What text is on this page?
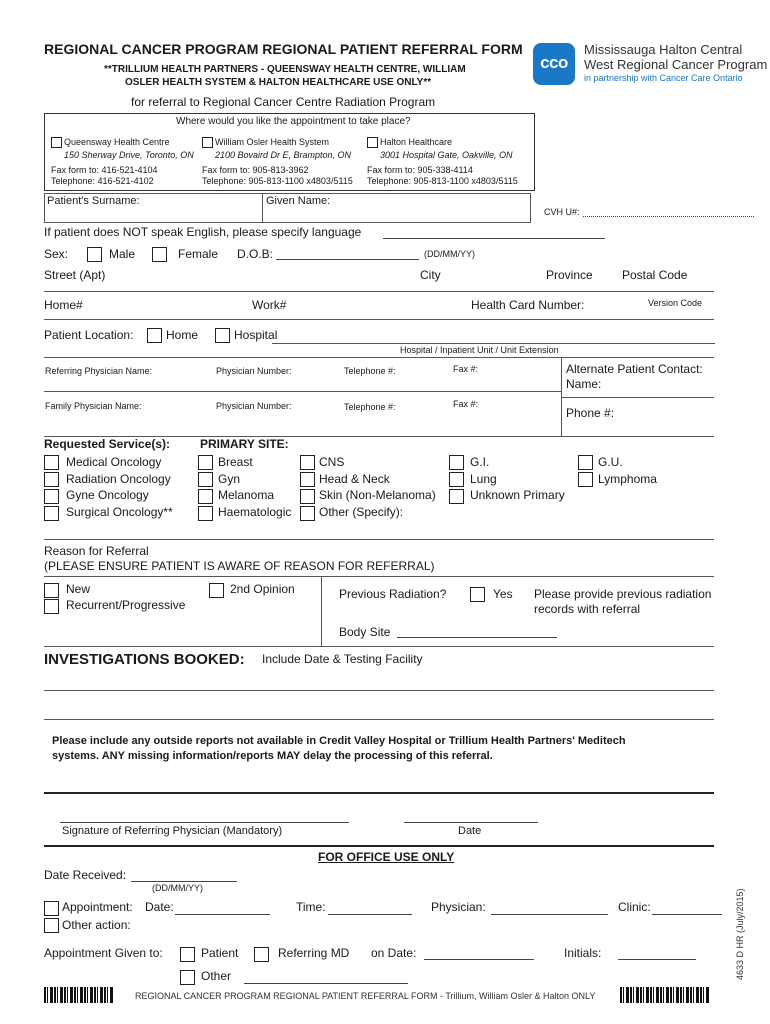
REGIONAL CANCER PROGRAM REGIONAL PATIENT REFERRAL FORM
**TRILLIUM HEALTH PARTNERS - QUEENSWAY HEALTH CENTRE, WILLIAM
OSLER HEALTH SYSTEM & HALTON HEALTHCARE USE ONLY**
for referral to Regional Cancer Centre Radiation Program
cco
Mississauga Halton Central
West Regional Cancer Program
in partnership with Cancer Care Ontario
Where would you like the appointment to take place?
Queensway Health Centre
150 Sherway Drive, Toronto, ON
Fax form to: 416-521-4104
Telephone: 416-521-4102
William Osler Health System
2100 Bovaird Dr E, Brampton, ON
Fax form to: 905-813-3962
Telephone: 905-813-1100 x4803/5115
Halton Healthcare
3001 Hospital Gate, Oakville, ON
Fax form to: 905-338-4114
Telephone: 905-813-1100 x4803/5115
Patient's Surname:	Given Name:
CVH U#:
If patient does NOT speak English, please specify language
Sex:	Male	Female D.O.B:	(DD/MM/YY)
Street (Apt)	City	Province Postal Code
Home#	Work#	Health Card Number:	Version Code
Patient Location:	Home	Hospital
Hospital / Inpatient Unit / Unit Extension
Referring Physician Name:	Physician Number:	Telephone #:	Fax #:	Alternate Patient Contact:
Name:
Family Physician Name:	Physician Number:	Telephone #:	Fax #:
Phone #:
Requested Service(s): PRIMARY SITE:
Medical Oncology
Radiation Oncology
Gyne Oncology
Surgical Oncology**
Breast
Gyn
Melanoma
Haematologic
CNS
Head & Neck
Skin (Non-Melanoma)
Other (Specify):
G.I.
Lung
Unknown Primary
G.U.
Lymphoma
Reason for Referral
(PLEASE ENSURE PATIENT IS AWARE OF REASON FOR REFERRAL)
New
Recurrent/Progressive
2nd Opinion	Previous Radiation?	Yes Please provide previous radiation
records with referral
Body Site
INVESTIGATIONS BOOKED: Include Date & Testing Facility
Please include any outside reports not available in Credit Valley Hospital or Trillium Health Partners' Meditech
systems. ANY missing information/reports MAY delay the processing of this referral.
Signature of Referring Physician (Mandatory)	Date
FOR OFFICE USE ONLY
Date Received:
(DD/MM/YY)
Appointment: Date:	Time:	Physician:	Clinic:
Other action:
Appointment Given to:	Patient	Referring MD on Date:	Initials:
Other
REGIONAL CANCER PROGRAM REGIONAL PATIENT REFERRAL FORM - Trillium, William Osler & Halton ONLY
4633 D HR (July/2015)
